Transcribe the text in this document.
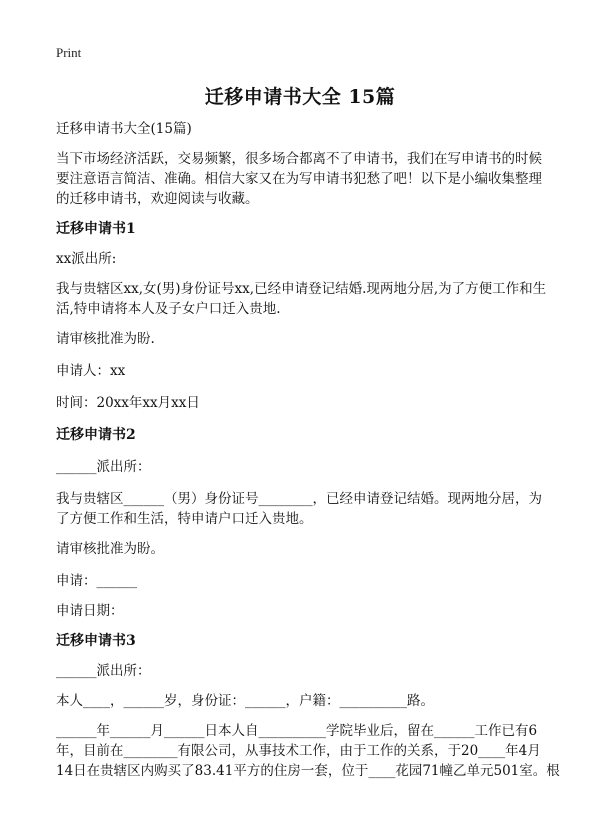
Print
迁移申请书大全 15篇
迁移申请书大全(15篇)
当下市场经济活跃，交易频繁，很多场合都离不了申请书，我们在写申请书的时候
要注意语言简洁、准确。相信大家又在为写申请书犯愁了吧！以下是小编收集整理
的迁移申请书，欢迎阅读与收藏。
迁移申请书1
xx派出所:
我与贵辖区xx,女(男)身份证号xx,已经申请登记结婚.现两地分居,为了方便工作和生
活,特申请将本人及子女户口迁入贵地.
请审核批准为盼.
申请人：xx
时间：20xx年xx月xx日
迁移申请书2
______派出所：
我与贵辖区______（男）身份证号________，已经申请登记结婚。现两地分居，为
了方便工作和生活，特申请户口迁入贵地。
请审核批准为盼。
申请：______
申请日期：
迁移申请书3
______派出所：
本人____，______岁，身份证：______，户籍：__________路。
______年______月______日本人自__________学院毕业后，留在______工作已有6
年，目前在________有限公司，从事技术工作，由于工作的关系，于20____年4月
14日在贵辖区内购买了83.41平方的住房一套，位于____花园71幢乙单元501室。根
